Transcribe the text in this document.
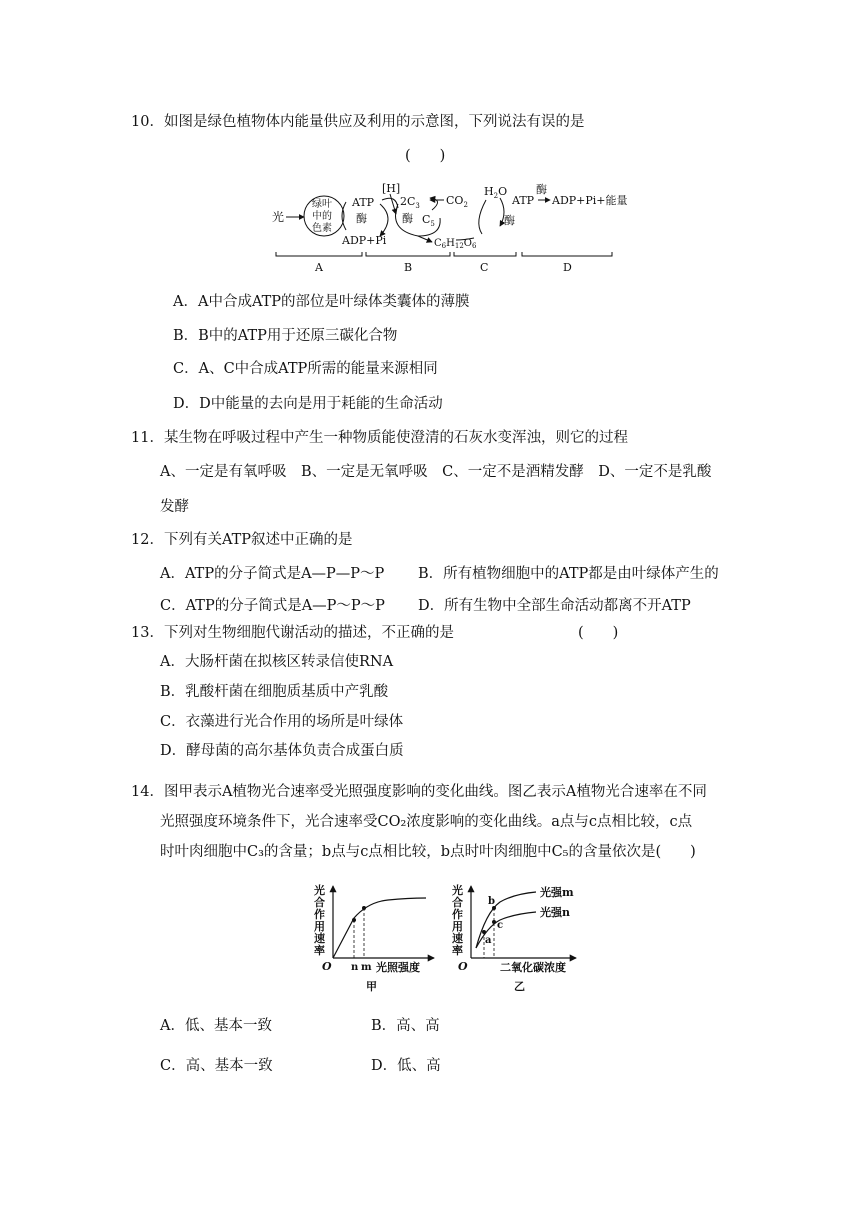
10．如图是绿色植物体内能量供应及利用的示意图，下列说法有误的是
(　　)
光
绿叶
中的
色素
ATP
酶
ADP+Pi
[H]
$2C_3$
酶 $C_5$
$C_6H_{12}O_6$
$CO_2$
$H_2O$
酶
ATP
酶
ADP+Pi+能量
A	B	C	D
A．A中合成ATP的部位是叶绿体类囊体的薄膜
B．B中的ATP用于还原三碳化合物
C．A、C中合成ATP所需的能量来源相同
D．D中能量的去向是用于耗能的生命活动
11．某生物在呼吸过程中产生一种物质能使澄清的石灰水变浑浊，则它的过程
A、一定是有氧呼吸　B、一定是无氧呼吸　C、一定不是酒精发酵　D、一定不是乳酸
发酵
12．下列有关ATP叙述中正确的是
A．ATP的分子简式是A—P—P～P B．所有植物细胞中的ATP都是由叶绿体产生的
C．ATP的分子简式是A—P～P～P D．所有生物中全部生命活动都离不开ATP
13．下列对生物细胞代谢活动的描述，不正确的是	(　　)
A．大肠杆菌在拟核区转录信使RNA
B．乳酸杆菌在细胞质基质中产乳酸
C．衣藻进行光合作用的场所是叶绿体
D．酵母菌的高尔基体负责合成蛋白质
14．图甲表示A植物光合速率受光照强度影响的变化曲线。图乙表示A植物光合速率在不同
光照强度环境条件下，光合速率受CO₂浓度影响的变化曲线。a点与c点相比较，c点
时叶肉细胞中C₃的含量；b点与c点相比较，b点时叶肉细胞中C₅的含量依次是(　　)
光
合
作
用
速
率
O n m 光照强度
甲
光
合
作
用
速
率
a
b
c
光强m
光强n
O	二氧化碳浓度
乙
A．低、基本一致	B．高、高
C．高、基本一致	D．低、高
